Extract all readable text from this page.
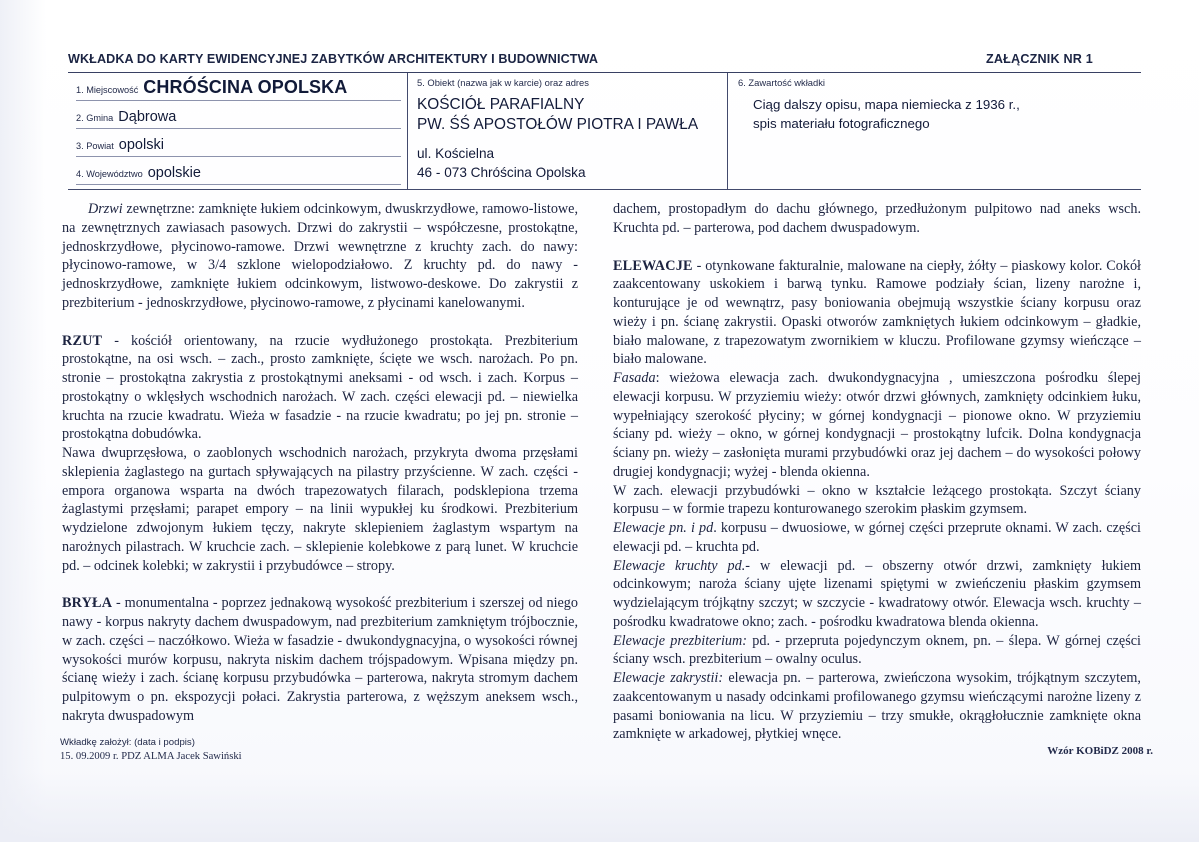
WKŁADKA DO KARTY EWIDENCYJNEJ ZABYTKÓW ARCHITEKTURY I BUDOWNICTWA	ZAŁĄCZNIK NR 1
1. Miejscowość CHRÓŚCINA OPOLSKA
2. Gmina Dąbrowa
3. Powiat opolski
4. Województwo opolskie
5. Obiekt (nazwa jak w karcie) oraz adres
KOŚCIÓŁ PARAFIALNY
PW. ŚŚ APOSTOŁÓW PIOTRA I PAWŁA
ul. Kościelna
46 - 073 Chróścina Opolska
6. Zawartość wkładki
Ciąg dalszy opisu, mapa niemiecka z 1936 r.,
spis materiału fotograficznego

Drzwi zewnętrzne: zamknięte łukiem odcinkowym, dwuskrzydłowe, ramowo-listowe, na zewnętrznych zawiasach pasowych. Drzwi do zakrystii – współczesne, prostokątne, jednoskrzydłowe, płycinowo-ramowe. Drzwi wewnętrzne z kruchty zach. do nawy: płycinowo-ramowe, w 3/4 szklone wielopodziałowo. Z kruchty pd. do nawy - jednoskrzydłowe, zamknięte łukiem odcinkowym, listwowo-deskowe. Do zakrystii z prezbiterium - jednoskrzydłowe, płycinowo-ramowe, z płycinami kanelowanymi.

RZUT - kościół orientowany, na rzucie wydłużonego prostokąta. Prezbiterium prostokątne, na osi wsch. – zach., prosto zamknięte, ścięte we wsch. narożach. Po pn. stronie – prostokątna zakrystia z prostokątnymi aneksami - od wsch. i zach. Korpus – prostokątny o wklęsłych wschodnich narożach. W zach. części elewacji pd. – niewielka kruchta na rzucie kwadratu. Wieża w fasadzie - na rzucie kwadratu; po jej pn. stronie – prostokątna dobudówka.

Nawa dwuprzęsłowa, o zaoblonych wschodnich narożach, przykryta dwoma przęsłami sklepienia żaglastego na gurtach spływających na pilastry przyścienne. W zach. części - empora organowa wsparta na dwóch trapezowatych filarach, podsklepiona trzema żaglastymi przęsłami; parapet empory – na linii wypukłej ku środkowi. Prezbiterium wydzielone zdwojonym łukiem tęczy, nakryte sklepieniem żaglastym wspartym na narożnych pilastrach. W kruchcie zach. – sklepienie kolebkowe z parą lunet. W kruchcie pd. – odcinek kolebki; w zakrystii i przybudówce – stropy.

BRYŁA - monumentalna - poprzez jednakową wysokość prezbiterium i szerszej od niego nawy - korpus nakryty dachem dwuspadowym, nad prezbiterium zamkniętym trójbocznie, w zach. części – naczółkowo. Wieża w fasadzie - dwukondygnacyjna, o wysokości równej wysokości murów korpusu, nakryta niskim dachem trójspadowym. Wpisana między pn. ścianę wieży i zach. ścianę korpusu przybudówka – parterowa, nakryta stromym dachem pulpitowym o pn. ekspozycji połaci. Zakrystia parterowa, z węższym aneksem wsch., nakryta dwuspadowym

dachem, prostopadłym do dachu głównego, przedłużonym pulpitowo nad aneks wsch. Kruchta pd. – parterowa, pod dachem dwuspadowym.

ELEWACJE - otynkowane fakturalnie, malowane na ciepły, żółty – piaskowy kolor. Cokół zaakcentowany uskokiem i barwą tynku. Ramowe podziały ścian, lizeny narożne i, konturujące je od wewnątrz, pasy boniowania obejmują wszystkie ściany korpusu oraz wieży i pn. ścianę zakrystii. Opaski otworów zamkniętych łukiem odcinkowym – gładkie, biało malowane, z trapezowatym zwornikiem w kluczu. Profilowane gzymsy wieńczące – biało malowane.

Fasada: wieżowa elewacja zach. dwukondygnacyjna , umieszczona pośrodku ślepej elewacji korpusu. W przyziemiu wieży: otwór drzwi głównych, zamknięty odcinkiem łuku, wypełniający szerokość płyciny; w górnej kondygnacji – pionowe okno. W przyziemiu ściany pd. wieży – okno, w górnej kondygnacji – prostokątny lufcik. Dolna kondygnacja ściany pn. wieży – zasłonięta murami przybudówki oraz jej dachem – do wysokości połowy drugiej kondygnacji; wyżej - blenda okienna.

W zach. elewacji przybudówki – okno w kształcie leżącego prostokąta. Szczyt ściany korpusu – w formie trapezu konturowanego szerokim płaskim gzymsem.

Elewacje pn. i pd. korpusu – dwuosiowe, w górnej części przeprute oknami. W zach. części elewacji pd. – kruchta pd.

Elewacje kruchty pd.- w elewacji pd. – obszerny otwór drzwi, zamknięty łukiem odcinkowym; naroża ściany ujęte lizenami spiętymi w zwieńczeniu płaskim gzymsem wydzielającym trójkątny szczyt; w szczycie - kwadratowy otwór. Elewacja wsch. kruchty – pośrodku kwadratowe okno; zach. - pośrodku kwadratowa blenda okienna.

Elewacje prezbiterium: pd. - przepruta pojedynczym oknem, pn. – ślepa. W górnej części ściany wsch. prezbiterium – owalny oculus.

Elewacje zakrystii: elewacja pn. – parterowa, zwieńczona wysokim, trójkątnym szczytem, zaakcentowanym u nasady odcinkami profilowanego gzymsu wieńczącymi narożne lizeny z pasami boniowania na licu. W przyziemiu – trzy smukłe, okrągłołucznie zamknięte okna zamknięte w arkadowej, płytkiej wnęce.

Wkładkę założył: (data i podpis)
15. 09.2009 r. PDZ ALMA Jacek Sawiński	Wzór KOBiDZ 2008 r.
